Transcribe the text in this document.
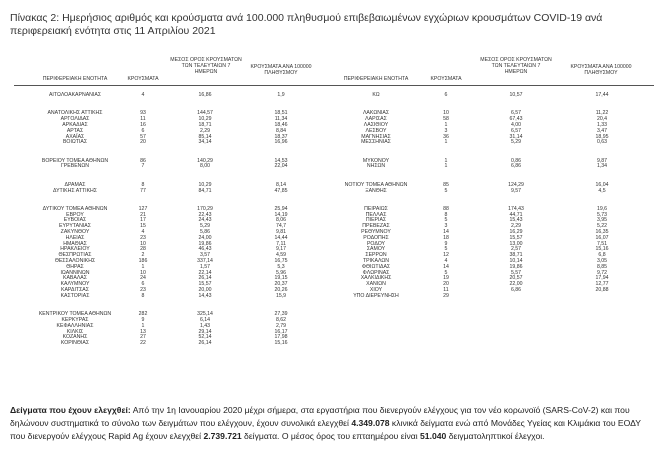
Πίνακας 2: Ημερήσιος αριθμός και κρούσματα ανά 100.000 πληθυσμού επιβεβαιωμένων εγχώριων κρουσμάτων COVID-19 ανά περιφερειακή ενότητα στις 11 Απριλίου 2021
ΜΕΣΟΣ ΟΡΟΣ ΚΡΟΥΣΜΑΤΩΝ ΤΩΝ ΤΕΛΕΥΤΑΙΩΝ 7 ΗΜΕΡΩΝ
ΚΡΟΥΣΜΑΤΑ ΑΝΑ 100000 ΠΛΗΘΥΣΜΟΥ
ΠΕΡΙΦΕΡΕΙΑΚΗ ΕΝΟΤΗΤΑ	ΚΡΟΥΣΜΑΤΑ
ΜΕΣΟΣ ΟΡΟΣ ΚΡΟΥΣΜΑΤΩΝ ΤΩΝ ΤΕΛΕΥΤΑΙΩΝ 7 ΗΜΕΡΩΝ
ΚΡΟΥΣΜΑΤΑ ΑΝΑ 100000 ΠΛΗΘΥΣΜΟΥ
ΠΕΡΙΦΕΡΕΙΑΚΗ ΕΝΟΤΗΤΑ	ΚΡΟΥΣΜΑΤΑ
ΑΙΤΩΛΟΑΚΑΡΝΑΝΙΑΣ	4	16,86	1,9
ΑΝΑΤΟΛΙΚΗΣ ΑΤΤΙΚΗΣ	93	144,57	18,51
ΑΡΓΟΛΙΔΑΣ	11	10,29	11,34
ΑΡΚΑΔΙΑΣ	16	18,71	18,46
ΑΡΤΑΣ	6	2,29	8,84
ΑΧΑΪΑΣ	57	85,14	18,37
ΒΟΙΩΤΙΑΣ	20	34,14	16,96
ΒΟΡΕΙΟΥ ΤΟΜΕΑ ΑΘΗΝΩΝ	86	140,29	14,53
ΓΡΕΒΕΝΩΝ	7	8,00	22,04
ΔΡΑΜΑΣ	8	10,29	8,14
ΔΥΤΙΚΗΣ ΑΤΤΙΚΗΣ	77	84,71	47,85
ΔΥΤΙΚΟΥ ΤΟΜΕΑ ΑΘΗΝΩΝ	127	170,29	25,94
ΕΒΡΟΥ	21	22,43	14,19
ΕΥΒΟΙΑΣ	17	24,43	8,06
ΕΥΡΥΤΑΝΙΑΣ	15	5,29	74,7
ΖΑΚΥΝΘΟΥ	4	5,86	9,81
ΗΛΕΙΑΣ	23	24,00	14,44
ΗΜΑΘΙΑΣ	10	19,86	7,11
ΗΡΑΚΛΕΙΟΥ	28	46,43	9,17
ΘΕΣΠΡΩΤΙΑΣ	2	3,57	4,59
ΘΕΣΣΑΛΟΝΙΚΗΣ	186	337,14	16,75
ΘΗΡΑΣ	1	1,57	5,3
ΙΩΑΝΝΙΝΩΝ	10	22,14	5,96
ΚΑΒΑΛΑΣ	24	26,14	19,15
ΚΑΛΥΜΝΟΥ	6	15,57	20,37
ΚΑΡΔΙΤΣΑΣ	23	20,00	20,26
ΚΑΣΤΟΡΙΑΣ	8	14,43	15,9
ΚΕΝΤΡΙΚΟΥ ΤΟΜΕΑ ΑΘΗΝΩΝ	282	325,14	27,39
ΚΕΡΚΥΡΑΣ	9	6,14	8,62
ΚΕΦΑΛΛΗΝΙΑΣ	1	1,43	2,79
ΚΙΛΚΙΣ	13	29,14	16,17
ΚΟΖΑΝΗΣ	27	52,14	17,98
ΚΟΡΙΝΘΙΑΣ	22	26,14	15,16
ΚΩ	6	10,57	17,44
ΛΑΚΩΝΙΑΣ	10	6,57	11,22
ΛΑΡΙΣΑΣ	58	67,43	20,4
ΛΑΣΙΘΙΟΥ	1	4,00	1,33
ΛΕΣΒΟΥ	3	6,57	3,47
ΜΑΓΝΗΣΙΑΣ	36	31,14	18,95
ΜΕΣΣΗΝΙΑΣ	1	5,29	0,63
ΜΥΚΟΝΟΥ	1	0,86	9,87
ΝΗΣΩΝ	1	6,86	1,34
ΝΟΤΙΟΥ ΤΟΜΕΑ ΑΘΗΝΩΝ	85	124,29	16,04
ΞΑΝΘΗΣ	5	9,57	4,5
ΠΕΙΡΑΙΩΣ	88	174,43	19,6
ΠΕΛΛΑΣ	8	44,71	5,73
ΠΙΕΡΙΑΣ	5	15,43	3,95
ΠΡΕΒΕΖΑΣ	3	2,29	5,22
ΡΕΘΥΜΝΟΥ	14	16,29	16,35
ΡΟΔΟΠΗΣ	18	15,57	16,07
ΡΟΔΟΥ	9	13,00	7,51
ΣΑΜΟΥ	5	2,57	15,16
ΣΕΡΡΩΝ	12	38,71	6,8
ΤΡΙΚΑΛΩΝ	4	10,14	3,05
ΦΘΙΩΤΙΔΑΣ	14	19,86	8,85
ΦΛΩΡΙΝΑΣ	5	5,57	9,72
ΧΑΛΚΙΔΙΚΗΣ	19	20,57	17,94
ΧΑΝΙΩΝ	20	22,00	12,77
ΧΙΟΥ	11	6,86	20,88
ΥΠΟ ΔΙΕΡΕΥΝΗΣΗ	29
Δείγματα που έχουν ελεγχθεί: Από την 1η Ιανουαρίου 2020 μέχρι σήμερα, στα εργαστήρια που διενεργούν ελέγχους για τον νέο κορωνοϊό (SARS-CoV-2) και που δηλώνουν συστηματικά το σύνολο των δειγμάτων που ελέγχουν, έχουν συνολικά ελεγχθεί 4.349.078 κλινικά δείγματα ενώ από Μονάδες Υγείας και Κλιμάκια του ΕΟΔΥ που διενεργούν ελέγχους Rapid Ag έχουν ελεγχθεί 2.739.721 δείγματα. Ο μέσος όρος του επταημέρου είναι 51.040 δειγματοληπτικοί έλεγχοι.
